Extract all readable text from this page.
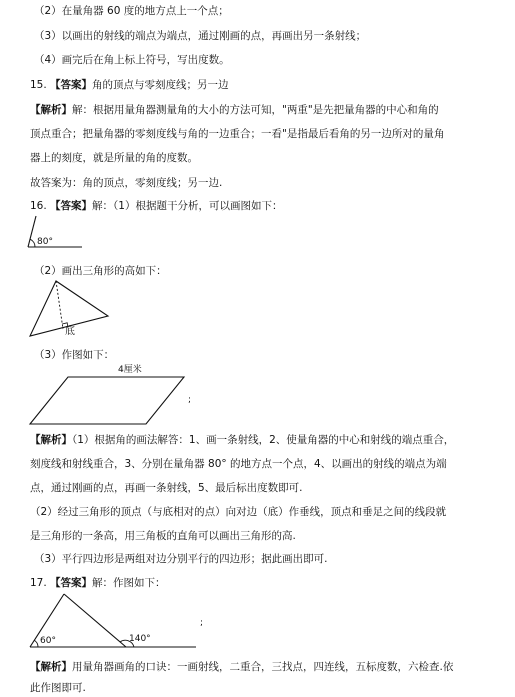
（2）在量角器 60 度的地方点上一个点；
（3）以画出的射线的端点为端点，通过刚画的点，再画出另一条射线；
（4）画完后在角上标上符号，写出度数。
15. 【答案】角的顶点与零刻度线；另一边
【解析】解：根据用量角器测量角的大小的方法可知，"两重"是先把量角器的中心和角的
顶点重合；把量角器的零刻度线与角的一边重合；一看"是指最后看角的另一边所对的量角
器上的刻度，就是所量的角的度数。
故答案为：角的顶点，零刻度线；另一边.
16. 【答案】解：（1）根据题干分析，可以画图如下：
80°
（2）画出三角形的高如下：
底
（3）作图如下：
4厘米
;
【解析】（1）根据角的画法解答：1、画一条射线，2、使量角器的中心和射线的端点重合，
刻度线和射线重合，3、分别在量角器 80° 的地方点一个点，4、以画出的射线的端点为端
点，通过刚画的点，再画一条射线，5、最后标出度数即可.
（2）经过三角形的顶点（与底相对的点）向对边（底）作垂线，顶点和垂足之间的线段就
是三角形的一条高，用三角板的直角可以画出三角形的高.
（3）平行四边形是两组对边分别平行的四边形；据此画出即可.
17. 【答案】解：作图如下：
60°	140°
;
【解析】用量角器画角的口诀：一画射线，二重合，三找点，四连线，五标度数，六检查.依
此作图即可.
